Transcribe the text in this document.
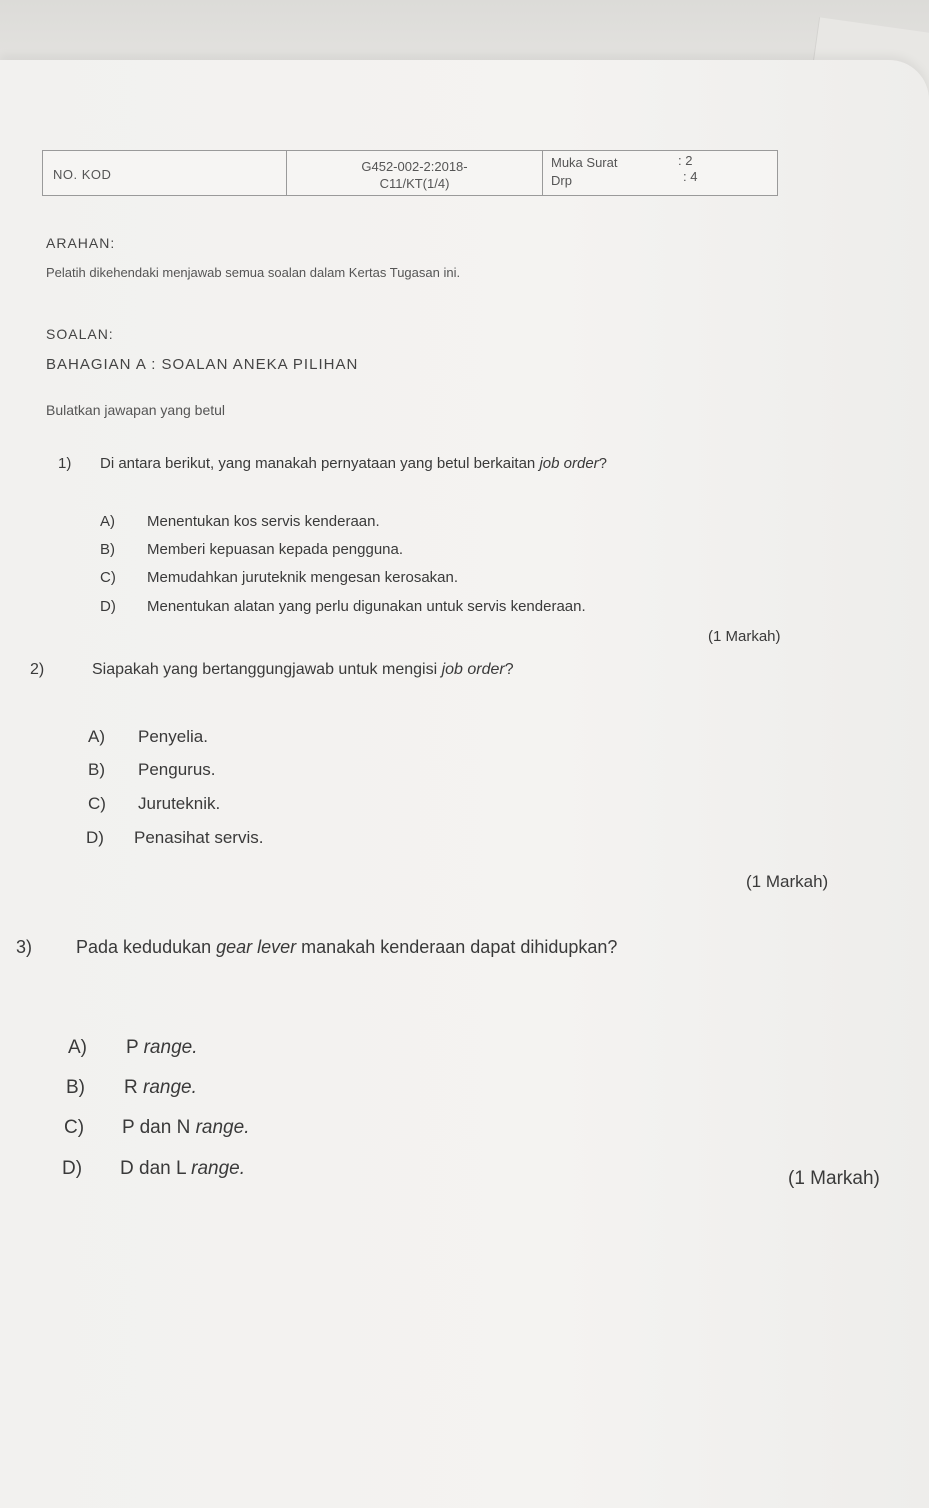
NO. KOD
G452-002-2:2018-
C11/KT(1/4)
Muka Surat
Drp
: 2
: 4
ARAHAN:
Pelatih dikehendaki menjawab semua soalan dalam Kertas Tugasan ini.
SOALAN:
BAHAGIAN A : SOALAN ANEKA PILIHAN
Bulatkan jawapan yang betul
1) Di antara berikut, yang manakah pernyataan yang betul berkaitan job order?
A) Menentukan kos servis kenderaan.
B) Memberi kepuasan kepada pengguna.
C) Memudahkan juruteknik mengesan kerosakan.
D) Menentukan alatan yang perlu digunakan untuk servis kenderaan.
(1 Markah)
2)	Siapakah yang bertanggungjawab untuk mengisi job order?
A) Penyelia.
B) Pengurus.
C) Juruteknik.
D) Penasihat servis.
(1 Markah)
3) Pada kedudukan gear lever manakah kenderaan dapat dihidupkan?
A) P range.
B) R range.
C) P dan N range.
D) D dan L range.	(1 Markah)
